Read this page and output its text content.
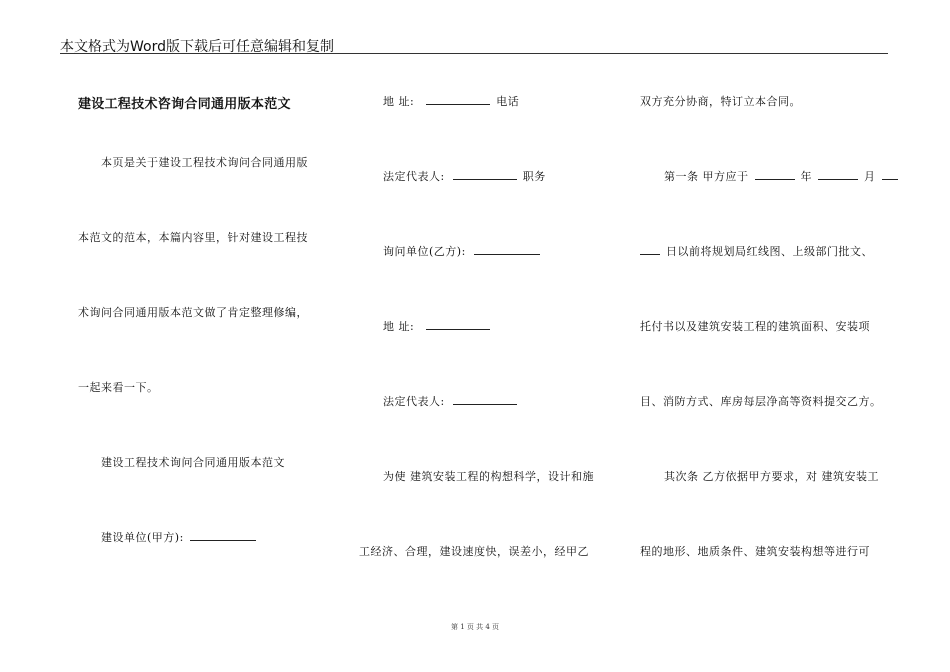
本文格式为Word版下载后可任意编辑和复制
建设工程技术咨询合同通用版本范文
本页是关于建设工程技术询问合同通用版
本范文的范本，本篇内容里，针对建设工程技
术询问合同通用版本范文做了肯定整理修编，
一起来看一下。
建设工程技术询问合同通用版本范文
建设单位(甲方):
地 址:	电话
法定代表人:	职务
询问单位(乙方):
地 址:
法定代表人:
为使 建筑安装工程的构想科学，设计和施
工经济、合理，建设速度快，误差小，经甲乙
双方充分协商，特订立本合同。
第一条 甲方应于	年	月
日以前将规划局红线图、上级部门批文、
托付书以及建筑安装工程的建筑面积、安装项
目、消防方式、库房每层净高等资料提交乙方。
其次条 乙方依据甲方要求，对 建筑安装工
程的地形、地质条件、建筑安装构想等进行可
第 1 页 共 4 页
